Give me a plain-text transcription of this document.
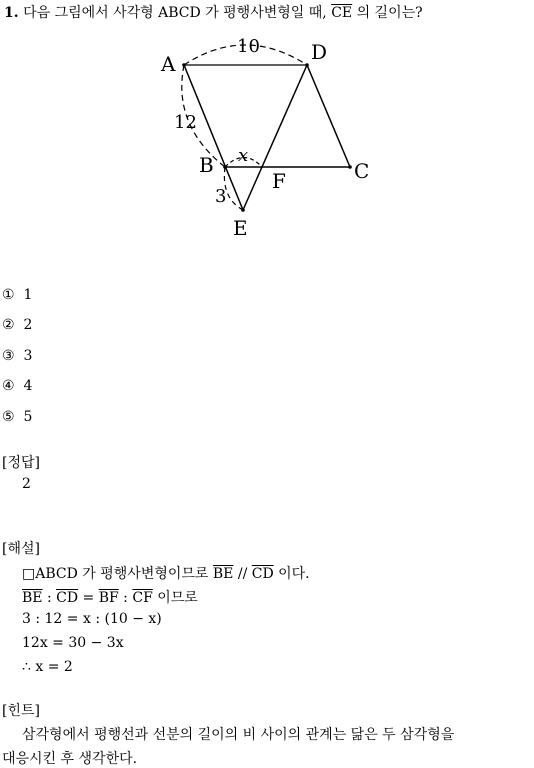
1. 다음 그림에서 사각형 ABCD 가 평행사변형일 때, $\overline{CE}$ 의 길이는?
A	D
B	C
E
F
10
12
3
x
① 1
② 2
③ 3
④ 4
⑤ 5
[정답]
2
[해설]
□ABCD 가 평행사변형이므로 $\overline{BE} // \overline{CD}$ 이다.
$\overline{BE}$ : $\overline{CD} = \overline{BF}$ : $\overline{CF}$ 이므로
3 : 12 = x : (10 − x)
12x = 30 − 3x
∴ x = 2
[힌트]
삼각형에서 평행선과 선분의 길이의 비 사이의 관계는 닮은 두 삼각형을
대응시킨 후 생각한다.
